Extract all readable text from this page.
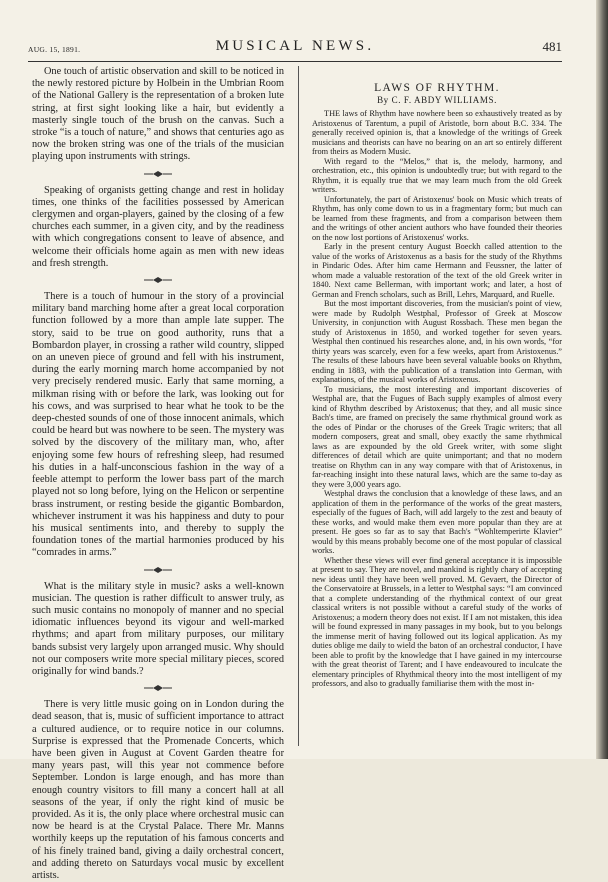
AUG. 15, 1891.	MUSICAL NEWS.	481

One touch of artistic observation and skill to be noticed in the newly restored picture by Holbein in the Umbrian Room of the National Gallery is the representation of a broken lute string, at first sight looking like a hair, but evidently a masterly single touch of the brush on the canvas. Such a stroke “is a touch of nature,” and shows that centuries ago as now the broken string was one of the trials of the musician playing upon instruments with strings.

Speaking of organists getting change and rest in holiday times, one thinks of the facilities possessed by American clergymen and organ-players, gained by the closing of a few churches each summer, in a given city, and by the readiness with which congregations consent to leave of absence, and welcome their officials home again as men with new ideas and fresh strength.

There is a touch of humour in the story of a provincial military band marching home after a great local corporation function followed by a more than ample late supper. The story, said to be true on good authority, runs that a Bombardon player, in crossing a rather wild country, slipped on an uneven piece of ground and fell with his instrument, during the early morning march home accompanied by not very precisely rendered music. Early that same morning, a milkman rising with or before the lark, was looking out for his cows, and was surprised to hear what he took to be the deep-chested sounds of one of those innocent animals, which could be heard but was nowhere to be seen. The mystery was solved by the discovery of the military man, who, after enjoying some few hours of refreshing sleep, had resumed his duties in a half-unconscious fashion in the way of a feeble attempt to perform the lower bass part of the march played not so long before, lying on the Helicon or serpentine brass instrument, or resting beside the gigantic Bombardon, whichever instrument it was his happiness and duty to pour his musical sentiments into, and thereby to supply the foundation tones of the martial harmonies produced by his “comrades in arms.”

What is the military style in music? asks a well-known musician. The question is rather difficult to answer truly, as such music contains no monopoly of manner and no special idiomatic influences beyond its vigour and well-marked rhythms; and apart from military purposes, our military bands subsist very largely upon arranged music. Why should not our composers write more special military pieces, scored originally for wind bands.?

There is very little music going on in London during the dead season, that is, music of sufficient importance to attract a cultured audience, or to require notice in our columns. Surprise is expressed that the Promenade Concerts, which have been given in August at Covent Garden theatre for many years past, will this year not commence before September. London is large enough, and has more than enough country visitors to fill many a concert hall at all seasons of the year, if only the right kind of music be provided. As it is, the only place where orchestral music can now be heard is at the Crystal Palace. There Mr. Manns worthily keeps up the reputation of his famous concerts and of his finely trained band, giving a daily orchestral concert, and adding thereto on Saturdays vocal music by excellent artists.

LAWS OF RHYTHM.
By C. F. ABDY WILLIAMS.

THE laws of Rhythm have nowhere been so exhaustively treated as by Aristoxenus of Tarentum, a pupil of Aristotle, born about B.C. 334. The generally received opinion is, that a knowledge of the writings of Greek musicians and theorists can have no bearing on an art so entirely different from theirs as Modern Music.

With regard to the “Melos,” that is, the melody, harmony, and orchestration, etc., this opinion is undoubtedly true; but with regard to the Rhythm, it is equally true that we may learn much from the old Greek writers.

Unfortunately, the part of Aristoxenus' book on Music which treats of Rhythm, has only come down to us in a fragmentary form; but much can be learned from these fragments, and from a comparison between them and the writings of other ancient authors who have founded their theories on the now lost portions of Aristoxenus' works.

Early in the present century August Boeckh called attention to the value of the works of Aristoxenus as a basis for the study of the Rhythms in Pindaric Odes. After him came Hermann and Feussner, the latter of whom made a valuable restoration of the text of the old Greek writer in 1840. Next came Bellerman, with important work; and later, a host of German and French scholars, such as Brill, Lehrs, Marquard, and Ruelle.

But the most important discoveries, from the musician's point of view, were made by Rudolph Westphal, Professor of Greek at Moscow University, in conjunction with August Rossbach. These men began the study of Aristoxenus in 1850, and worked together for seven years. Westphal then continued his researches alone, and, in his own words, “for thirty years was scarcely, even for a few weeks, apart from Aristoxenus.” The results of these labours have been several valuable books on Rhythm, ending in 1883, with the publication of a translation into German, with explanations, of the musical works of Aristoxenus.

To musicians, the most interesting and important discoveries of Westphal are, that the Fugues of Bach supply examples of almost every kind of Rhythm described by Aristoxenus; that they, and all music since Bach's time, are framed on precisely the same rhythmical ground work as the odes of Pindar or the choruses of the Greek Tragic writers; that all modern composers, great and small, obey exactly the same rhythmical laws as are expounded by the old Greek writer, with some slight differences of detail which are quite unimportant; and that no modern treatise on Rhythm can in any way compare with that of Aristoxenus, in far-reaching insight into these natural laws, which are the same to-day as they were 3,000 years ago.

Westphal draws the conclusion that a knowledge of these laws, and an application of them in the performance of the works of the great masters, especially of the fugues of Bach, will add largely to the zest and beauty of these works, and would make them even more popular than they are at present. He goes so far as to say that Bach's “Wohltemperirte Klavier” would by this means probably become one of the most popular of classical works.

Whether these views will ever find general acceptance it is impossible at present to say. They are novel, and mankind is rightly chary of accepting new ideas until they have been well proved. M. Gevaert, the Director of the Conservatoire at Brussels, in a letter to Westphal says: “I am convinced that a complete understanding of the rhythmical context of our great classical writers is not possible without a careful study of the works of Aristoxenus; a modern theory does not exist. If I am not mistaken, this idea will be found expressed in many passages in my book, but to you belongs the immense merit of having followed out its logical application. As my duties oblige me daily to wield the baton of an orchestral conductor, I have been able to profit by the knowledge that I have gained in my intercourse with the great theorist of Tarent; and I have endeavoured to inculcate the elementary principles of Rhythmical theory into the most intelligent of my professors, and also to gradually familiarise them with the most in-
